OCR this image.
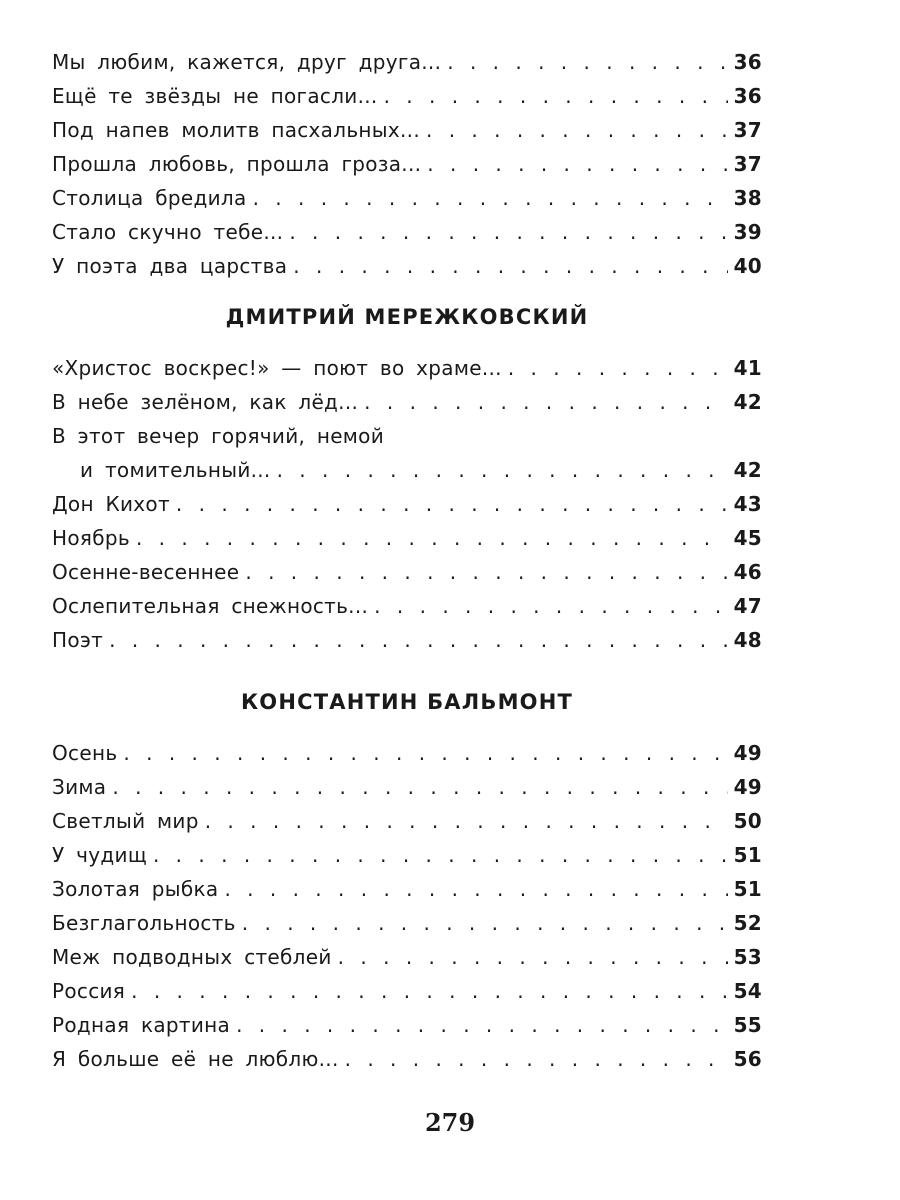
Мы любим, кажется, друг друга... . . .	36
Ещё те звёзды не погасли... . . .	36
Под напев молитв пасхальных... . . .	37
Прошла любовь, прошла гроза... . . .	37
Столица бредила . . .	38
Стало скучно тебе... . . .	39
У поэта два царства . . .	40
ДМИТРИЙ МЕРЕЖКОВСКИЙ
«Христос воскрес!» — поют во храме... . . .	41
В небе зелёном, как лёд... . . .	42
В этот вечер горячий, немой
и томительный... . . .	42
Дон Кихот . . .	43
Ноябрь . . .	45
Осенне-весеннее . . .	46
Ослепительная снежность... . . .	47
Поэт . . .	48
КОНСТАНТИН БАЛЬМОНТ
Осень . . .	49
Зима . . .	49
Светлый мир . . .	50
У чудищ . . .	51
Золотая рыбка . . .	51
Безглагольность . . .	52
Меж подводных стеблей . . .	53
Россия . . .	54
Родная картина . . .	55
Я больше её не люблю... . . .	56
279
